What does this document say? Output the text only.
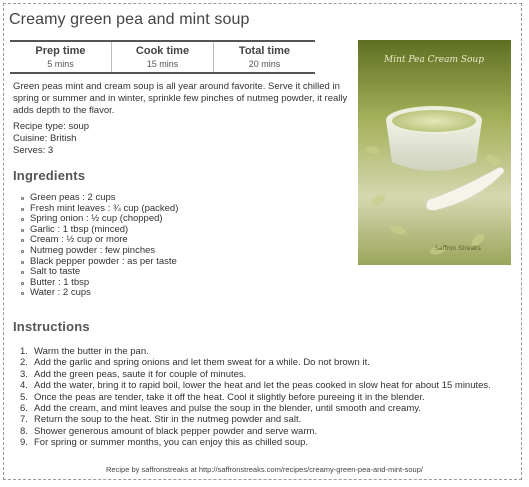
Creamy green pea and mint soup
Prep time
5 mins
Cook time
15 mins
Total time
20 mins	Mint Pea Cream Soup
Saffron Streaks
Green peas mint and cream soup is all year around favorite. Serve it chilled in spring or summer and in winter, sprinkle few pinches of nutmeg powder, it really adds depth to the flavor.
Recipe type: soup
Cuisine: British
Serves: 3
Ingredients
Green peas : 2 cups
Fresh mint leaves : ¾ cup (packed)
Spring onion : ½ cup (chopped)
Garlic : 1 tbsp (minced)
Cream : ½ cup or more
Nutmeg powder : few pinches
Black pepper powder : as per taste
Salt to taste
Butter : 1 tbsp
Water : 2 cups
Instructions
1. Warm the butter in the pan.
2. Add the garlic and spring onions and let them sweat for a while. Do not brown it.
3. Add the green peas, saute it for couple of minutes.
4. Add the water, bring it to rapid boil, lower the heat and let the peas cooked in slow heat for about 15 minutes.
5. Once the peas are tender, take it off the heat. Cool it slightly before pureeing it in the blender.
6. Add the cream, and mint leaves and pulse the soup in the blender, until smooth and creamy.
7. Return the soup to the heat. Stir in the nutmeg powder and salt.
8. Shower generous amount of black pepper powder and serve warm.
9. For spring or summer months, you can enjoy this as chilled soup.
Recipe by saffronstreaks at http://saffronstreaks.com/recipes/creamy-green-pea-and-mint-soup/
